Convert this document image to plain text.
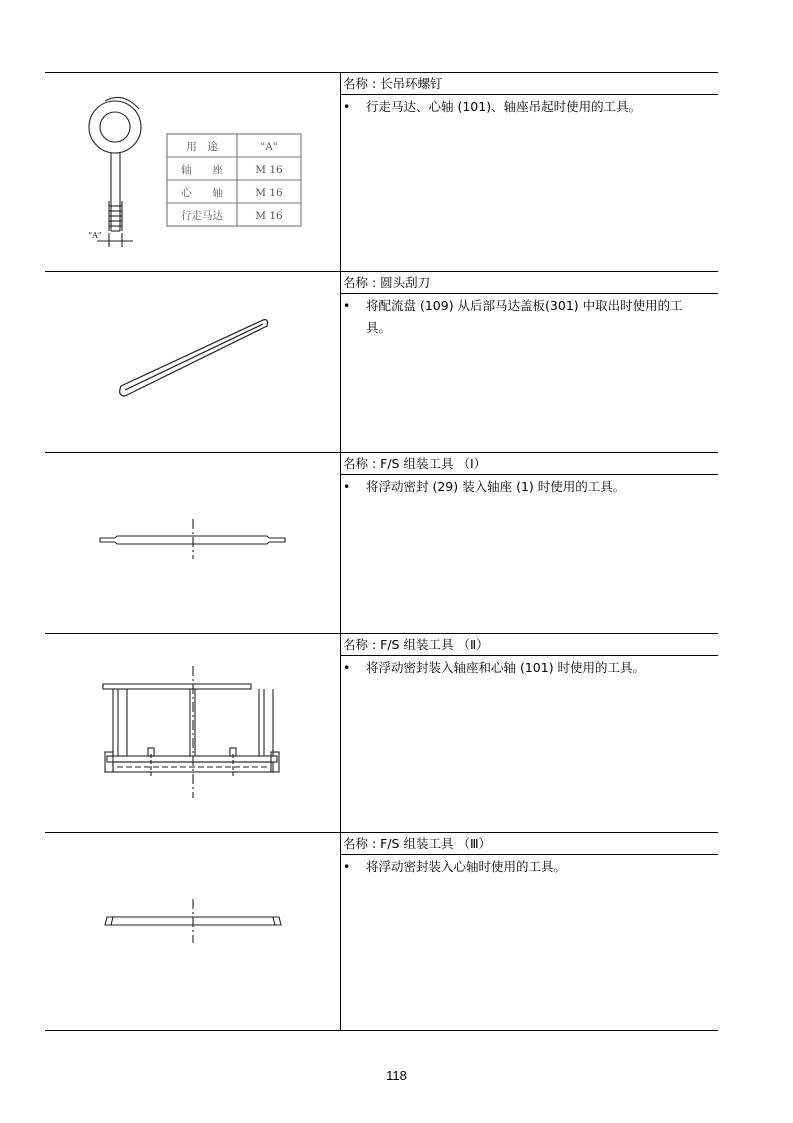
用　途	"A"
轴　　座	M 16
心　　轴	M 16
行走马达	M 16
"A"
名称 : 长吊环螺钉
•	行走马达、心轴 (101)、轴座吊起时使用的工具。
名称 : 圆头刮刀
•	将配流盘 (109) 从后部马达盖板(301) 中取出时使用的工具。
名称 : F/S 组装工具 （Ⅰ）
•	将浮动密封 (29) 装入轴座 (1) 时使用的工具。
名称 : F/S 组装工具 （Ⅱ）
•	将浮动密封装入轴座和心轴 (101) 时使用的工具。
名称 : F/S 组装工具 （Ⅲ）
•	将浮动密封装入心轴时使用的工具。
118
